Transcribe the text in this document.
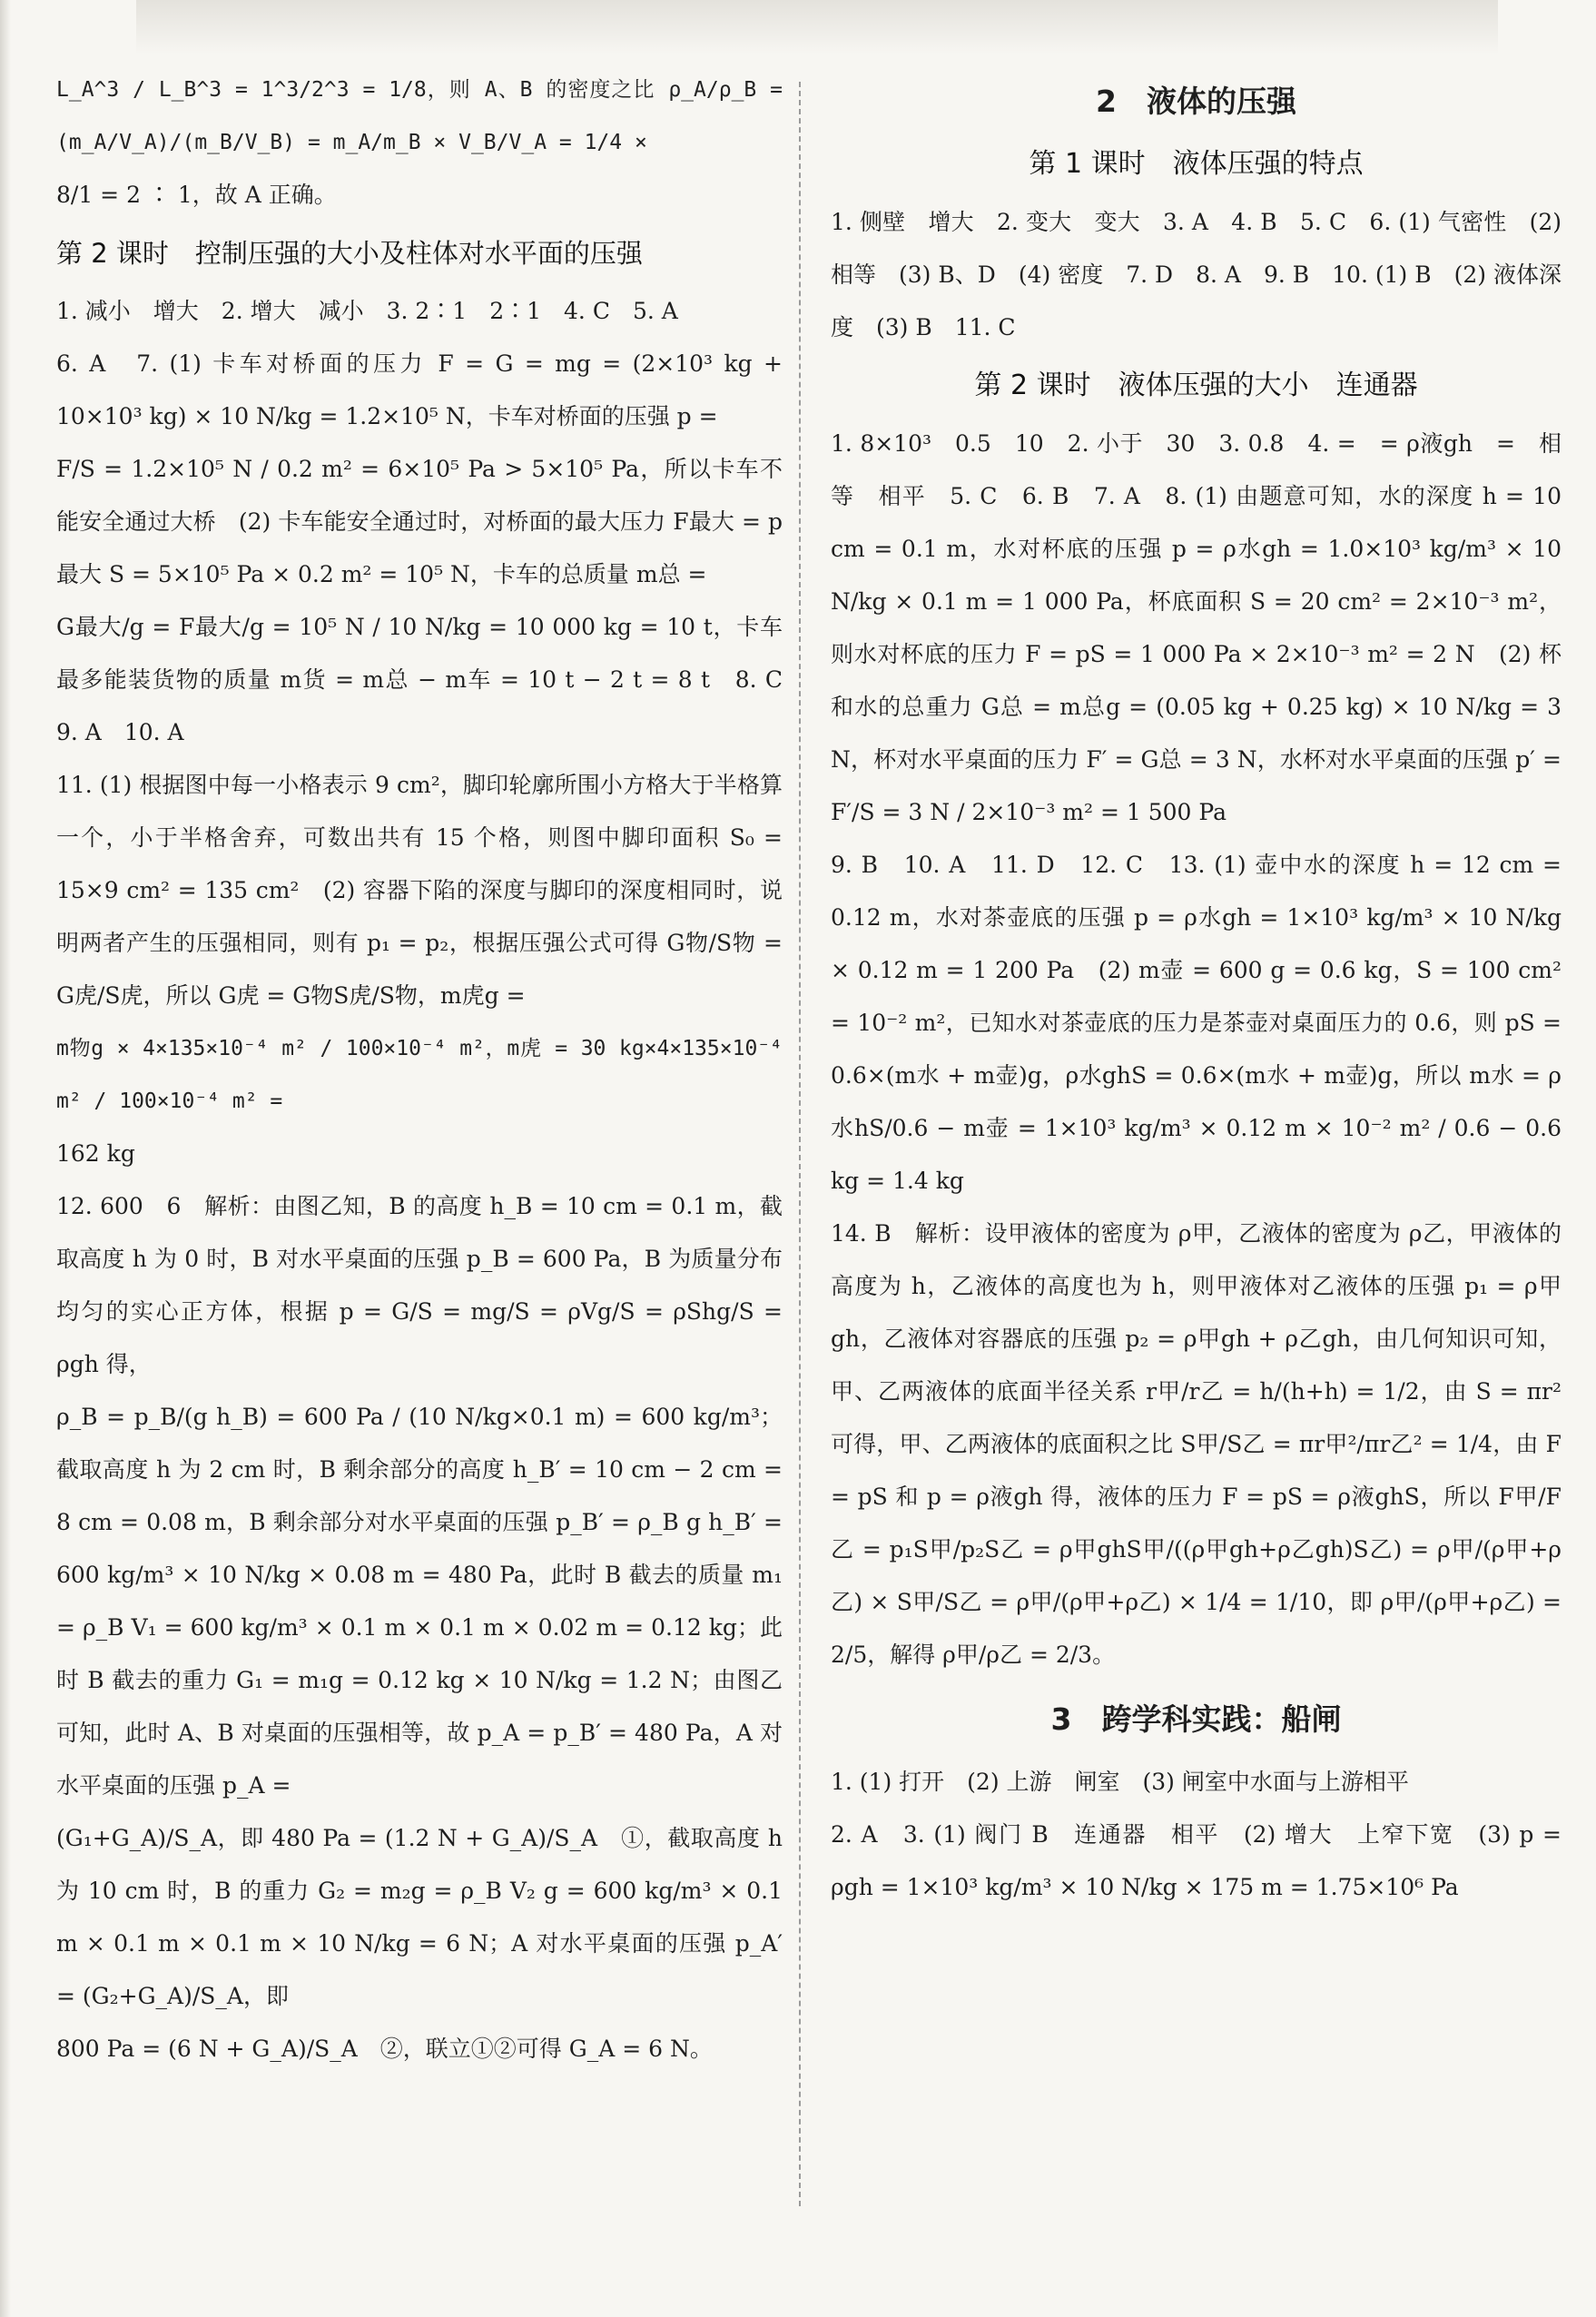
L_A^3 / L_B^3 = 1^3/2^3 = 1/8，则 A、B 的密度之比 ρ_A/ρ_B = (m_A/V_A)/(m_B/V_B) = m_A/m_B × V_B/V_A = 1/4 ×

8/1 = 2 ∶ 1，故 A 正确。

第 2 课时　控制压强的大小及柱体对水平面的压强

1. 减小　增大　2. 增大　减小　3. 2∶1　2∶1　4. C　5. A

6. A　7. (1) 卡车对桥面的压力 F = G = mg = (2×10³ kg + 10×10³ kg) × 10 N/kg = 1.2×10⁵ N，卡车对桥面的压强 p =

F/S = 1.2×10⁵ N / 0.2 m² = 6×10⁵ Pa > 5×10⁵ Pa，所以卡车不能安全通过大桥　(2) 卡车能安全通过时，对桥面的最大压力 F最大 = p最大 S = 5×10⁵ Pa × 0.2 m² = 10⁵ N，卡车的总质量 m总 =

G最大/g = F最大/g = 10⁵ N / 10 N/kg = 10 000 kg = 10 t，卡车最多能装货物的质量 m货 = m总 − m车 = 10 t − 2 t = 8 t　8. C　9. A　10. A

11. (1) 根据图中每一小格表示 9 cm²，脚印轮廓所围小方格大于半格算一个，小于半格舍弃，可数出共有 15 个格，则图中脚印面积 S₀ = 15×9 cm² = 135 cm²　(2) 容器下陷的深度与脚印的深度相同时，说明两者产生的压强相同，则有 p₁ = p₂，根据压强公式可得 G物/S物 = G虎/S虎，所以 G虎 = G物S虎/S物，m虎g =

m物g × 4×135×10⁻⁴ m² / 100×10⁻⁴ m²，m虎 = 30 kg×4×135×10⁻⁴ m² / 100×10⁻⁴ m² =

162 kg

12. 600　6　解析：由图乙知，B 的高度 h_B = 10 cm = 0.1 m，截取高度 h 为 0 时，B 对水平桌面的压强 p_B = 600 Pa，B 为质量分布均匀的实心正方体，根据 p = G/S = mg/S = ρVg/S = ρShg/S = ρgh 得，

ρ_B = p_B/(g h_B) = 600 Pa / (10 N/kg×0.1 m) = 600 kg/m³；截取高度 h 为 2 cm 时，B 剩余部分的高度 h_B′ = 10 cm − 2 cm = 8 cm = 0.08 m，B 剩余部分对水平桌面的压强 p_B′ = ρ_B g h_B′ = 600 kg/m³ × 10 N/kg × 0.08 m = 480 Pa，此时 B 截去的质量 m₁ = ρ_B V₁ = 600 kg/m³ × 0.1 m × 0.1 m × 0.02 m = 0.12 kg；此时 B 截去的重力 G₁ = m₁g = 0.12 kg × 10 N/kg = 1.2 N；由图乙可知，此时 A、B 对桌面的压强相等，故 p_A = p_B′ = 480 Pa，A 对水平桌面的压强 p_A =

(G₁+G_A)/S_A，即 480 Pa = (1.2 N + G_A)/S_A　①，截取高度 h 为 10 cm 时，B 的重力 G₂ = m₂g = ρ_B V₂ g = 600 kg/m³ × 0.1 m × 0.1 m × 0.1 m × 10 N/kg = 6 N；A 对水平桌面的压强 p_A′ = (G₂+G_A)/S_A，即

800 Pa = (6 N + G_A)/S_A　②，联立①②可得 G_A = 6 N。

2　液体的压强
第 1 课时　液体压强的特点

1. 侧壁　增大　2. 变大　变大　3. A　4. B　5. C　6. (1) 气密性　(2) 相等　(3) B、D　(4) 密度　7. D　8. A　9. B　10. (1) B　(2) 液体深度　(3) B　11. C

第 2 课时　液体压强的大小　连通器

1. 8×10³　0.5　10　2. 小于　30　3. 0.8　4. =　= ρ液gh　=　相等　相平　5. C　6. B　7. A　8. (1) 由题意可知，水的深度 h = 10 cm = 0.1 m，水对杯底的压强 p = ρ水gh = 1.0×10³ kg/m³ × 10 N/kg × 0.1 m = 1 000 Pa，杯底面积 S = 20 cm² = 2×10⁻³ m²，则水对杯底的压力 F = pS = 1 000 Pa × 2×10⁻³ m² = 2 N　(2) 杯和水的总重力 G总 = m总g = (0.05 kg + 0.25 kg) × 10 N/kg = 3 N，杯对水平桌面的压力 F′ = G总 = 3 N，水杯对水平桌面的压强 p′ = F′/S = 3 N / 2×10⁻³ m² = 1 500 Pa

9. B　10. A　11. D　12. C　13. (1) 壶中水的深度 h = 12 cm = 0.12 m，水对茶壶底的压强 p = ρ水gh = 1×10³ kg/m³ × 10 N/kg × 0.12 m = 1 200 Pa　(2) m壶 = 600 g = 0.6 kg，S = 100 cm² = 10⁻² m²，已知水对茶壶底的压力是茶壶对桌面压力的 0.6，则 pS = 0.6×(m水 + m壶)g，ρ水ghS = 0.6×(m水 + m壶)g，所以 m水 = ρ水hS/0.6 − m壶 = 1×10³ kg/m³ × 0.12 m × 10⁻² m² / 0.6 − 0.6 kg = 1.4 kg

14. B　解析：设甲液体的密度为 ρ甲，乙液体的密度为 ρ乙，甲液体的高度为 h，乙液体的高度也为 h，则甲液体对乙液体的压强 p₁ = ρ甲 gh，乙液体对容器底的压强 p₂ = ρ甲gh + ρ乙gh，由几何知识可知，甲、乙两液体的底面半径关系 r甲/r乙 = h/(h+h) = 1/2，由 S = πr² 可得，甲、乙两液体的底面积之比 S甲/S乙 = πr甲²/πr乙² = 1/4，由 F = pS 和 p = ρ液gh 得，液体的压力 F = pS = ρ液ghS，所以 F甲/F乙 = p₁S甲/p₂S乙 = ρ甲ghS甲/((ρ甲gh+ρ乙gh)S乙) = ρ甲/(ρ甲+ρ乙) × S甲/S乙 = ρ甲/(ρ甲+ρ乙) × 1/4 = 1/10，即 ρ甲/(ρ甲+ρ乙) = 2/5，解得 ρ甲/ρ乙 = 2/3。

3　跨学科实践：船闸

1. (1) 打开　(2) 上游　闸室　(3) 闸室中水面与上游相平

2. A　3. (1) 阀门 B　连通器　相平　(2) 增大　上窄下宽　(3) p = ρgh = 1×10³ kg/m³ × 10 N/kg × 175 m = 1.75×10⁶ Pa
